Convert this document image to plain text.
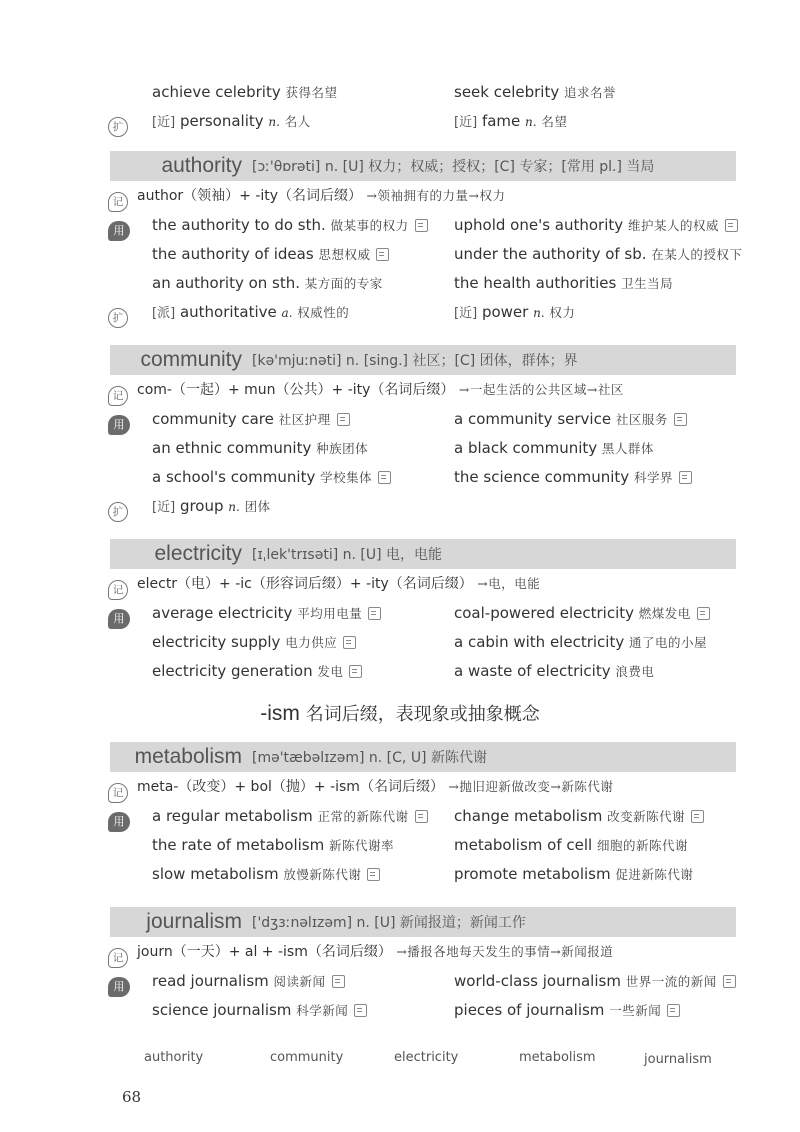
achieve celebrity 获得名望	seek celebrity 追求名誉
扩	[近] personality n. 名人	[近] fame n. 名望
authority [ɔː'θɒrəti] n. [U] 权力；权威；授权；[C] 专家；[常用 pl.] 当局
记 author（领袖）+ -ity（名词后缀） →领袖拥有的力量→权力
用	the authority to do sth. 做某事的权力	uphold one's authority 维护某人的权威
the authority of ideas 思想权威	under the authority of sb. 在某人的授权下
an authority on sth. 某方面的专家	the health authorities 卫生当局
扩	[派] authoritative a. 权威性的	[近] power n. 权力
community [kə'mjuːnəti] n. [sing.] 社区；[C] 团体，群体；界
记 com-（一起）+ mun（公共）+ -ity（名词后缀） →一起生活的公共区域→社区
用	community care 社区护理	a community service 社区服务
an ethnic community 种族团体	a black community 黑人群体
a school's community 学校集体	the science community 科学界
扩	[近] group n. 团体
electricity [ɪˌlek'trɪsəti] n. [U] 电，电能
记 electr（电）+ -ic（形容词后缀）+ -ity（名词后缀） →电，电能
用	average electricity 平均用电量	coal-powered electricity 燃煤发电
electricity supply 电力供应	a cabin with electricity 通了电的小屋
electricity generation 发电	a waste of electricity 浪费电
-ism 名词后缀，表现象或抽象概念
metabolism [mə'tæbəlɪzəm] n. [C, U] 新陈代谢
记 meta-（改变）+ bol（抛）+ -ism（名词后缀） →抛旧迎新做改变→新陈代谢
用	a regular metabolism 正常的新陈代谢	change metabolism 改变新陈代谢
the rate of metabolism 新陈代谢率	metabolism of cell 细胞的新陈代谢
slow metabolism 放慢新陈代谢	promote metabolism 促进新陈代谢
journalism ['dʒɜːnəlɪzəm] n. [U] 新闻报道；新闻工作
记 journ（一天）+ al + -ism（名词后缀） →播报各地每天发生的事情→新闻报道
用	read journalism 阅读新闻	world-class journalism 世界一流的新闻
science journalism 科学新闻	pieces of journalism 一些新闻
authority	community	electricity	metabolism	journalism
68
